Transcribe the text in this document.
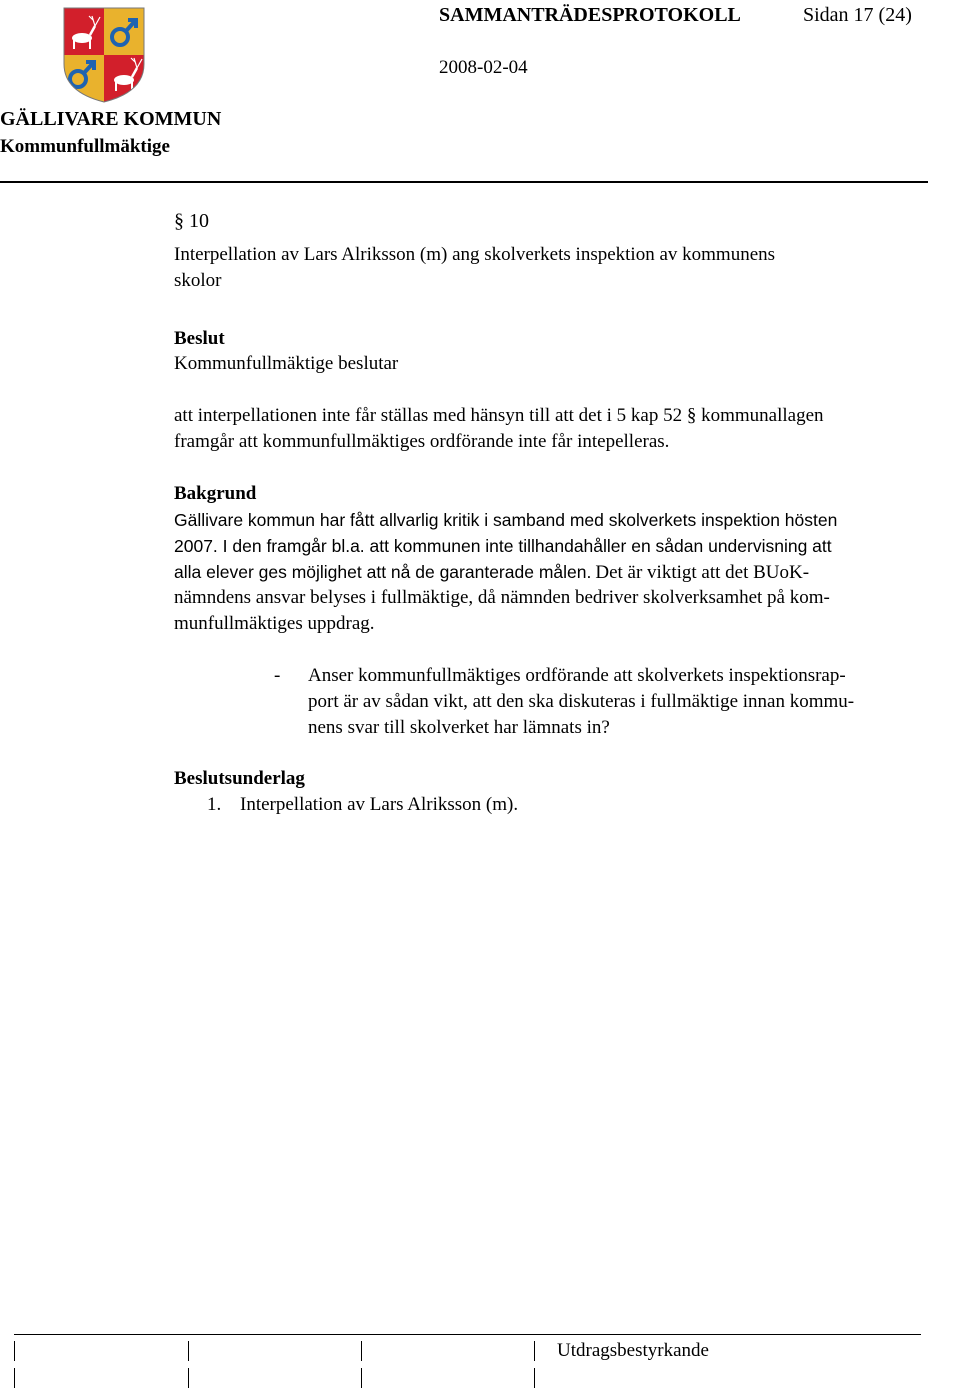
SAMMANTRÄDESPROTOKOLL	Sidan 17 (24)
2008-02-04
GÄLLIVARE KOMMUN
Kommunfullmäktige
§ 10
Interpellation av Lars Alriksson (m) ang skolverkets inspektion av kommunens
skolor
Beslut
Kommunfullmäktige beslutar
att interpellationen inte får ställas med hänsyn till att det i 5 kap 52 § kommunallagen
framgår att kommunfullmäktiges ordförande inte får intepelleras.
Bakgrund
Gällivare kommun har fått allvarlig kritik i samband med skolverkets inspektion hösten
2007. I den framgår bl.a. att kommunen inte tillhandahåller en sådan undervisning att
alla elever ges möjlighet att nå de garanterade målen. Det är viktigt att det BUoK-
nämndens ansvar belyses i fullmäktige, då nämnden bedriver skolverksamhet på kom-
munfullmäktiges uppdrag.
- Anser kommunfullmäktiges ordförande att skolverkets inspektionsrap-
port är av sådan vikt, att den ska diskuteras i fullmäktige innan kommu-
nens svar till skolverket har lämnats in?
Beslutsunderlag
1. Interpellation av Lars Alriksson (m).
Utdragsbestyrkande
